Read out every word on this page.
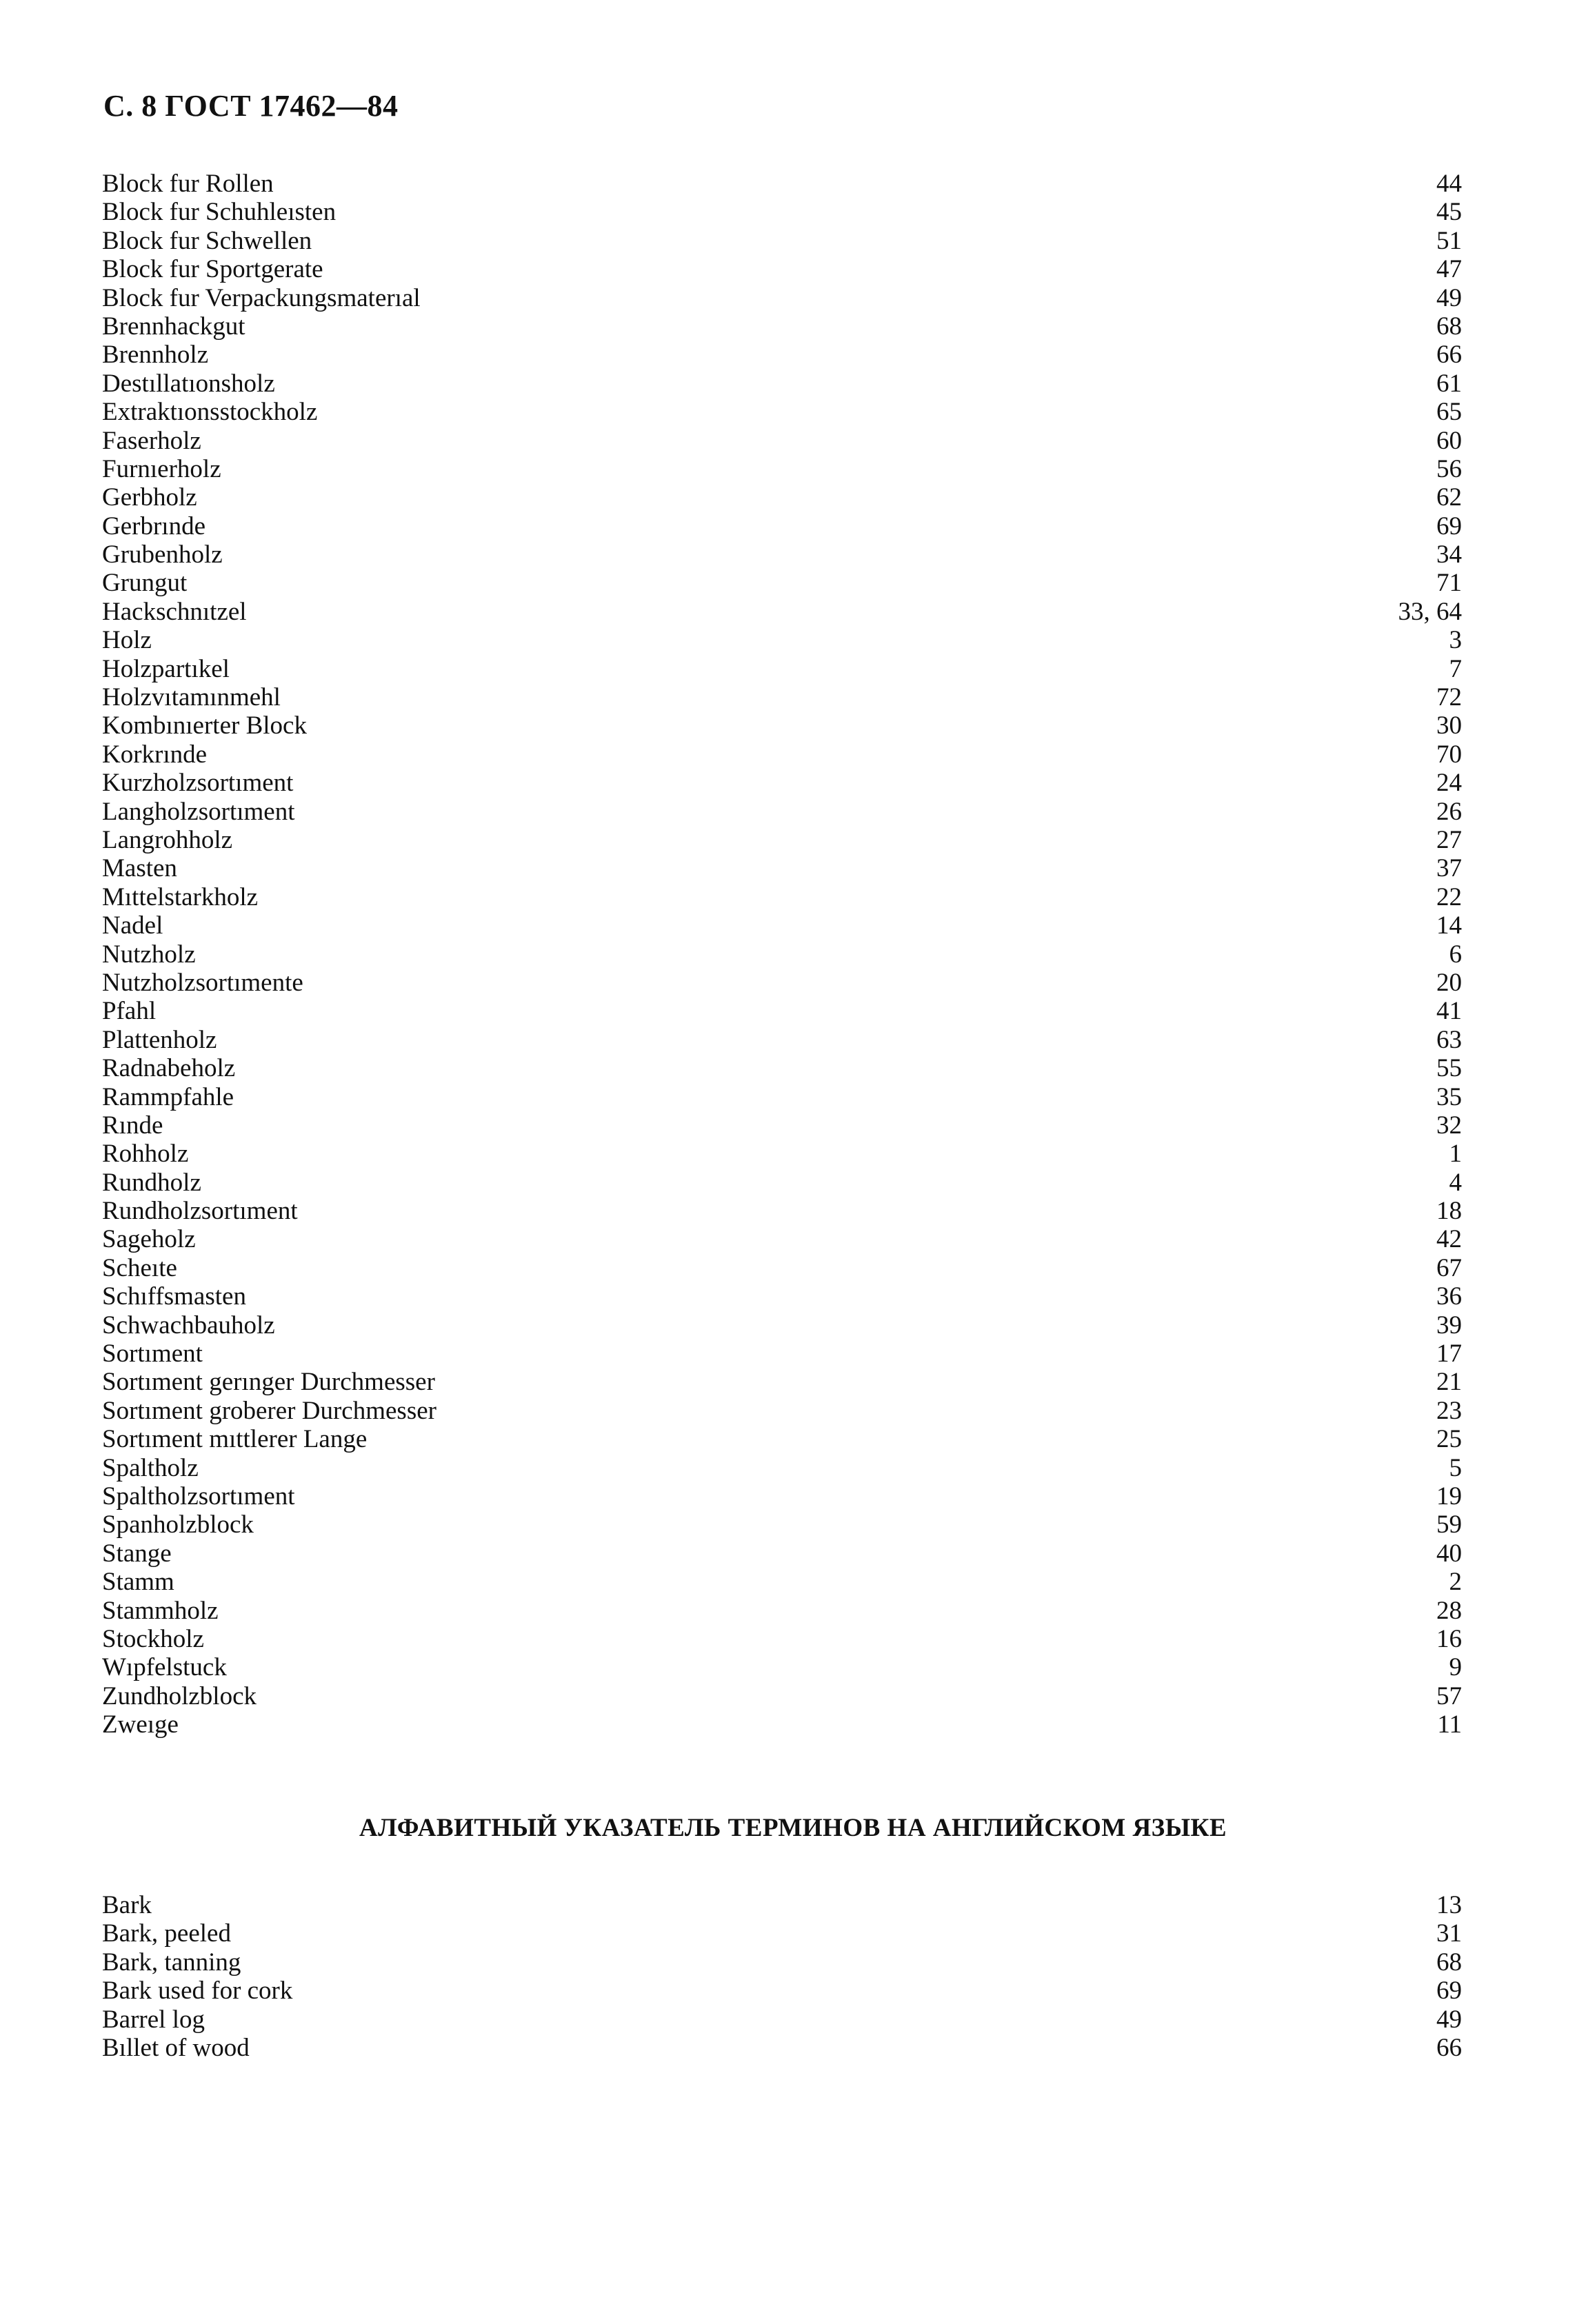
С. 8 ГОСТ 17462—84
Block fur Rollen	44
Block fur Schuhleısten	45
Block fur Schwellen	51
Block fur Sportgerate	47
Block fur Verpackungsmaterıal	49
Brennhackgut	68
Brennholz	66
Destıllatıonsholz	61
Extraktıonsstockholz	65
Faserholz	60
Furnıerholz	56
Gerbholz	62
Gerbrınde	69
Grubenholz	34
Grungut	71
Hackschnıtzel	33, 64
Holz	3
Holzpartıkel	7
Holzvıtamınmehl	72
Kombınıerter Block	30
Korkrınde	70
Kurzholzsortıment	24
Langholzsortıment	26
Langrohholz	27
Masten	37
Mıttelstarkholz	22
Nadel	14
Nutzholz	6
Nutzholzsortımente	20
Pfahl	41
Plattenholz	63
Radnabeholz	55
Rammpfahle	35
Rınde	32
Rohholz	1
Rundholz	4
Rundholzsortıment	18
Sageholz	42
Scheıte	67
Schıffsmasten	36
Schwachbauholz	39
Sortıment	17
Sortıment gerınger Durchmesser	21
Sortıment groberer Durchmesser	23
Sortıment mıttlerer Lange	25
Spaltholz	5
Spaltholzsortıment	19
Spanholzblock	59
Stange	40
Stamm	2
Stammholz	28
Stockholz	16
Wıpfelstuck	9
Zundholzblock	57
Zweıge	11
АЛФАВИТНЫЙ УКАЗАТЕЛЬ ТЕРМИНОВ НА АНГЛИЙСКОМ ЯЗЫКЕ
Bark	13
Bark, peeled	31
Bark, tanning	68
Bark used for cork	69
Barrel log	49
Bıllet of wood	66
